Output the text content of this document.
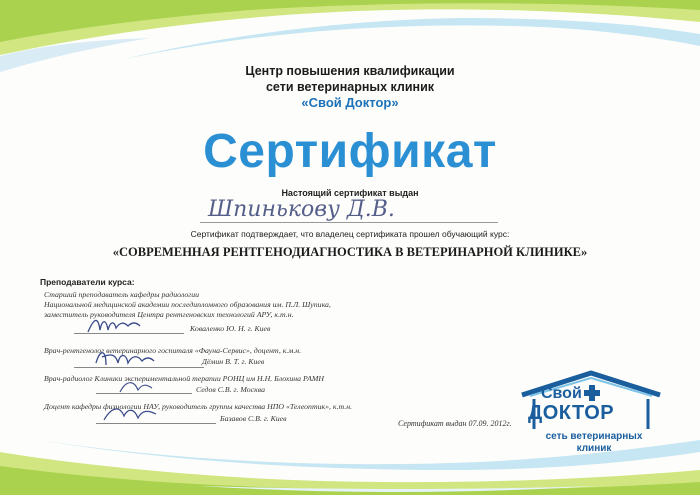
Центр повышения квалификации
сети ветеринарных клиник
«Свой Доктор»
Сертификат
Настоящий сертификат выдан
Шпинькову Д.В.
Сертификат подтверждает, что владелец сертификата прошел обучающий курс:
«СОВРЕМЕННАЯ РЕНТГЕНОДИАГНОСТИКА В ВЕТЕРИНАРНОЙ КЛИНИКЕ»
Преподаватели курса:
Старший преподаватель кафедры радиологии
Национальной медицинской академии последипломного образования им. П.Л. Шупика,
заместитель руководителя Центра рентгеновских технологий АРУ, к.т.н.
Коваленко Ю. Н. г. Киев
Врач-рентгенолог ветеринарного госпиталя «Фауна-Сервис», доцент, к.м.н.
Дёмин В. Т. г. Киев
Врач-радиолог Клиники экспериментальной терапии РОНЦ им Н.Н. Блохина РАМН
Седов С.В. г. Москва
Доцент кафедры физиологии НАУ, руководитель группы качества НПО «Телеоптик», к.т.н.
Базавов С.В. г. Киев
Сертификат выдан 07.09. 2012г.
Свой
ДОКТОР
сеть ветеринарных
клиник
